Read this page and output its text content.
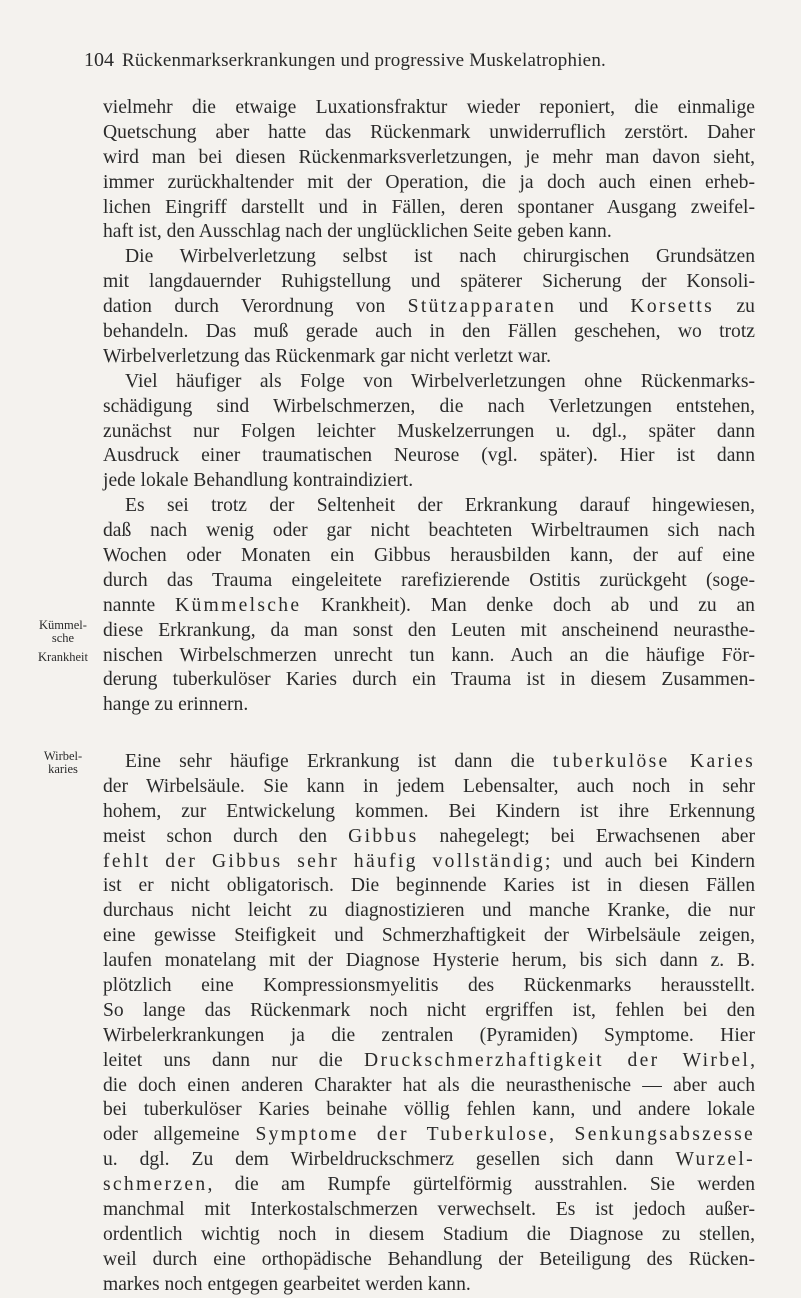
104 Rückenmarkserkrankungen und progressive Muskelatrophien.
Kümmel-
sche
Krankheit
Wirbel-
karies
vielmehr die etwaige Luxationsfraktur wieder reponiert, die einmalige
Quetschung aber hatte das Rückenmark unwiderruflich zerstört. Daher
wird man bei diesen Rückenmarksverletzungen, je mehr man davon sieht,
immer zurückhaltender mit der Operation, die ja doch auch einen erheb-
lichen Eingriff darstellt und in Fällen, deren spontaner Ausgang zweifel-
haft ist, den Ausschlag nach der unglücklichen Seite geben kann.
Die Wirbelverletzung selbst ist nach chirurgischen Grundsätzen
mit langdauernder Ruhigstellung und späterer Sicherung der Konsoli-
dation durch Verordnung von Stützapparaten und Korsetts zu
behandeln. Das muß gerade auch in den Fällen geschehen, wo trotz
Wirbelverletzung das Rückenmark gar nicht verletzt war.
Viel häufiger als Folge von Wirbelverletzungen ohne Rückenmarks-
schädigung sind Wirbelschmerzen, die nach Verletzungen entstehen,
zunächst nur Folgen leichter Muskelzerrungen u. dgl., später dann
Ausdruck einer traumatischen Neurose (vgl. später). Hier ist dann
jede lokale Behandlung kontraindiziert.
Es sei trotz der Seltenheit der Erkrankung darauf hingewiesen,
daß nach wenig oder gar nicht beachteten Wirbeltraumen sich nach
Wochen oder Monaten ein Gibbus herausbilden kann, der auf eine
durch das Trauma eingeleitete rarefizierende Ostitis zurückgeht (soge-
nannte Kümmelsche Krankheit). Man denke doch ab und zu an
diese Erkrankung, da man sonst den Leuten mit anscheinend neurasthe-
nischen Wirbelschmerzen unrecht tun kann. Auch an die häufige För-
derung tuberkulöser Karies durch ein Trauma ist in diesem Zusammen-
hange zu erinnern.
Eine sehr häufige Erkrankung ist dann die tuberkulöse Karies
der Wirbelsäule. Sie kann in jedem Lebensalter, auch noch in sehr
hohem, zur Entwickelung kommen. Bei Kindern ist ihre Erkennung
meist schon durch den Gibbus nahegelegt; bei Erwachsenen aber
fehlt der Gibbus sehr häufig vollständig; und auch bei Kindern
ist er nicht obligatorisch. Die beginnende Karies ist in diesen Fällen
durchaus nicht leicht zu diagnostizieren und manche Kranke, die nur
eine gewisse Steifigkeit und Schmerzhaftigkeit der Wirbelsäule zeigen,
laufen monatelang mit der Diagnose Hysterie herum, bis sich dann z. B.
plötzlich eine Kompressionsmyelitis des Rückenmarks herausstellt.
So lange das Rückenmark noch nicht ergriffen ist, fehlen bei den
Wirbelerkrankungen ja die zentralen (Pyramiden) Symptome. Hier
leitet uns dann nur die Druckschmerzhaftigkeit der Wirbel,
die doch einen anderen Charakter hat als die neurasthenische — aber auch
bei tuberkulöser Karies beinahe völlig fehlen kann, und andere lokale
oder allgemeine Symptome der Tuberkulose, Senkungsabszesse
u. dgl. Zu dem Wirbeldruckschmerz gesellen sich dann Wurzel-
schmerzen, die am Rumpfe gürtelförmig ausstrahlen. Sie werden
manchmal mit Interkostalschmerzen verwechselt. Es ist jedoch außer-
ordentlich wichtig noch in diesem Stadium die Diagnose zu stellen,
weil durch eine orthopädische Behandlung der Beteiligung des Rücken-
markes noch entgegen gearbeitet werden kann.
